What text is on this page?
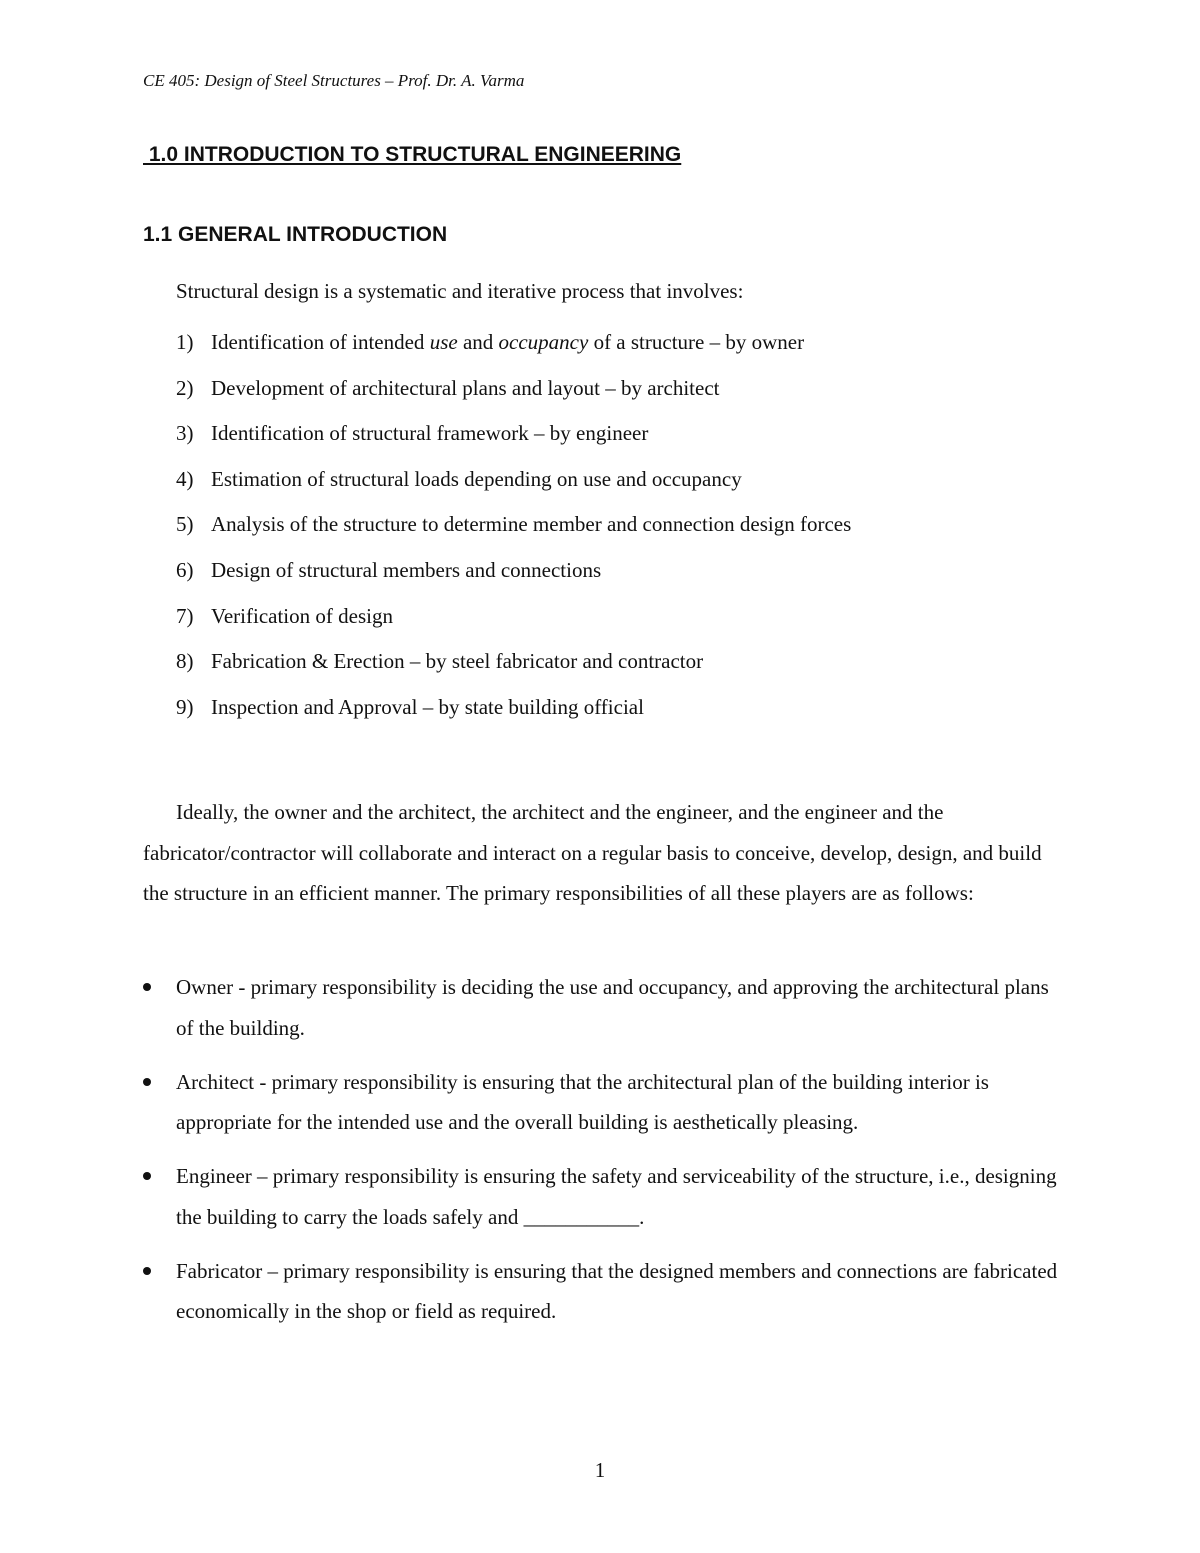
CE 405: Design of Steel Structures – Prof. Dr. A. Varma
1.0 INTRODUCTION TO STRUCTURAL ENGINEERING
1.1 GENERAL INTRODUCTION
Structural design is a systematic and iterative process that involves:
1) Identification of intended use and occupancy of a structure – by owner
2) Development of architectural plans and layout – by architect
3) Identification of structural framework – by engineer
4) Estimation of structural loads depending on use and occupancy
5) Analysis of the structure to determine member and connection design forces
6) Design of structural members and connections
7) Verification of design
8) Fabrication & Erection – by steel fabricator and contractor
9) Inspection and Approval – by state building official

Ideally, the owner and the architect, the architect and the engineer, and the engineer and the fabricator/contractor will collaborate and interact on a regular basis to conceive, develop, design, and build the structure in an efficient manner. The primary responsibilities of all these players are as follows:

Owner - primary responsibility is deciding the use and occupancy, and approving the architectural plans of the building.
Architect - primary responsibility is ensuring that the architectural plan of the building interior is appropriate for the intended use and the overall building is aesthetically pleasing.
Engineer – primary responsibility is ensuring the safety and serviceability of the structure, i.e., designing the building to carry the loads safely and ___________.
Fabricator – primary responsibility is ensuring that the designed members and connections are fabricated economically in the shop or field as required.
1
